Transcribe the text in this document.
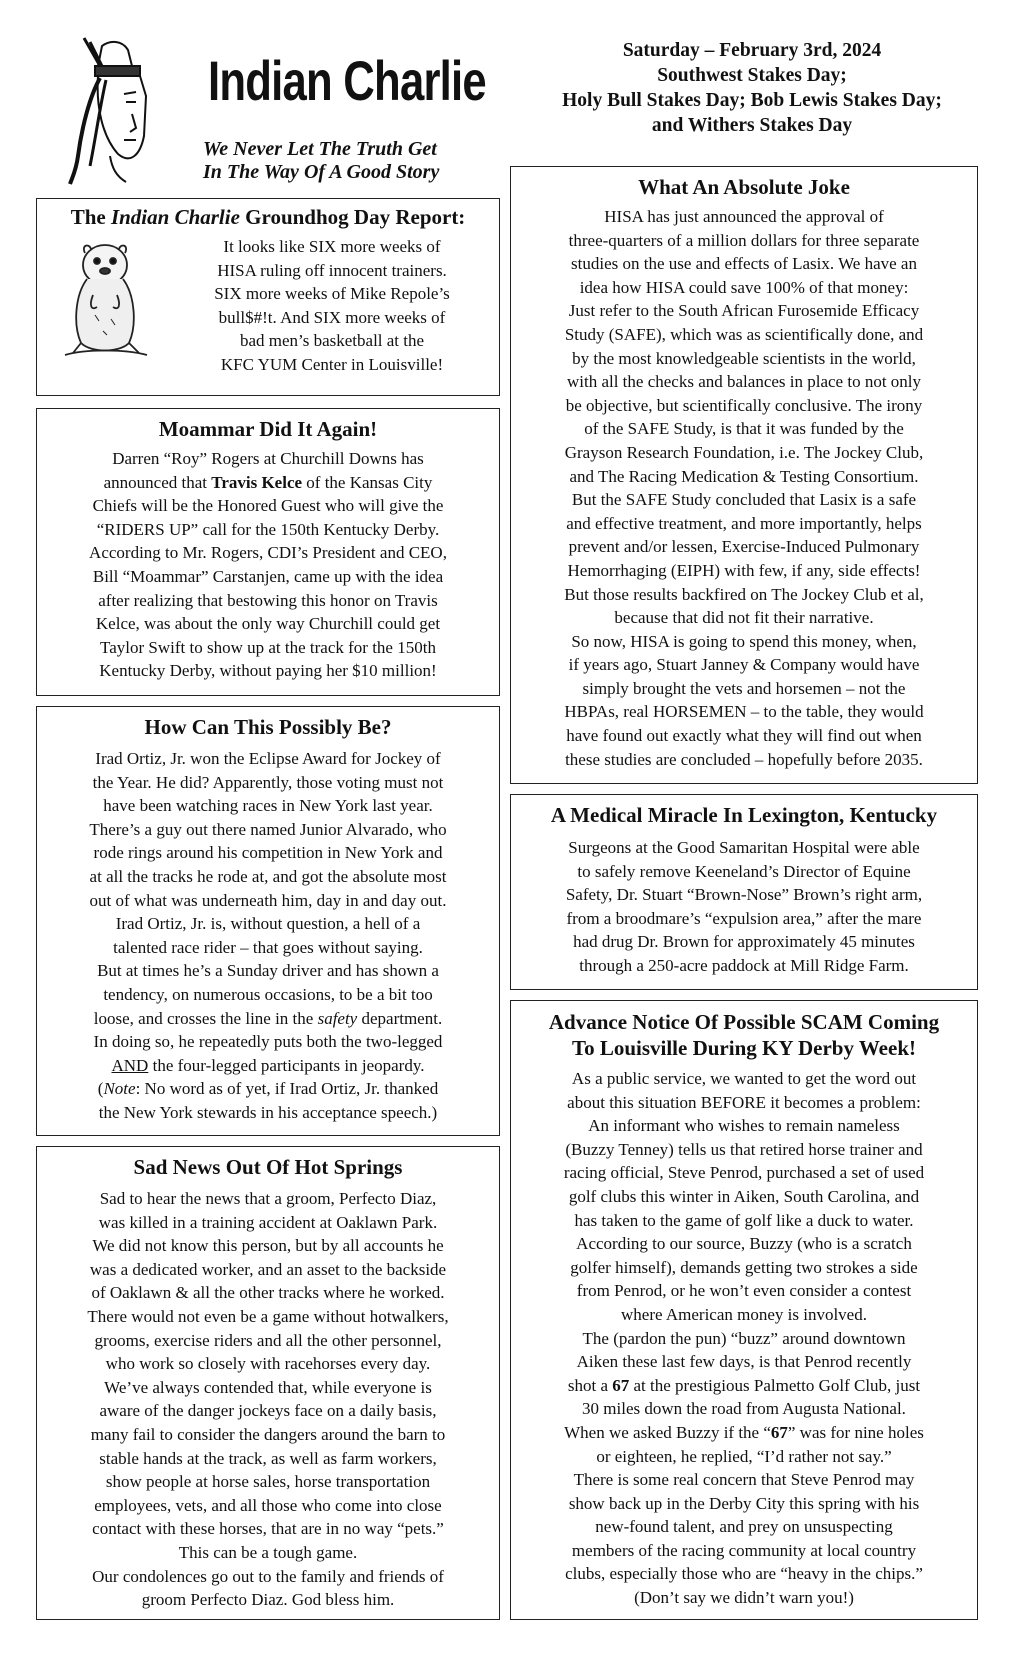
Indian Charlie
We Never Let The Truth Get
In The Way Of A Good Story
Saturday – February 3rd, 2024
Southwest Stakes Day;
Holy Bull Stakes Day; Bob Lewis Stakes Day;
and Withers Stakes Day
The Indian Charlie Groundhog Day Report:

It looks like SIX more weeks of

HISA ruling off innocent trainers.

SIX more weeks of Mike Repole’s

bull$#!t. And SIX more weeks of

bad men’s basketball at the

KFC YUM Center in Louisville!

Moammar Did It Again!

Darren “Roy” Rogers at Churchill Downs has

announced that Travis Kelce of the Kansas City

Chiefs will be the Honored Guest who will give the

“RIDERS UP” call for the 150th Kentucky Derby.

According to Mr. Rogers, CDI’s President and CEO,

Bill “Moammar” Carstanjen, came up with the idea

after realizing that bestowing this honor on Travis

Kelce, was about the only way Churchill could get

Taylor Swift to show up at the track for the 150th

Kentucky Derby, without paying her $10 million!

How Can This Possibly Be?

Irad Ortiz, Jr. won the Eclipse Award for Jockey of

the Year. He did? Apparently, those voting must not

have been watching races in New York last year.

There’s a guy out there named Junior Alvarado, who

rode rings around his competition in New York and

at all the tracks he rode at, and got the absolute most

out of what was underneath him, day in and day out.

Irad Ortiz, Jr. is, without question, a hell of a

talented race rider – that goes without saying.

But at times he’s a Sunday driver and has shown a

tendency, on numerous occasions, to be a bit too

loose, and crosses the line in the safety department.

In doing so, he repeatedly puts both the two-legged

AND the four-legged participants in jeopardy.

(Note: No word as of yet, if Irad Ortiz, Jr. thanked

the New York stewards in his acceptance speech.)

Sad News Out Of Hot Springs

Sad to hear the news that a groom, Perfecto Diaz,

was killed in a training accident at Oaklawn Park.

We did not know this person, but by all accounts he

was a dedicated worker, and an asset to the backside

of Oaklawn & all the other tracks where he worked.

There would not even be a game without hotwalkers,

grooms, exercise riders and all the other personnel,

who work so closely with racehorses every day.

We’ve always contended that, while everyone is

aware of the danger jockeys face on a daily basis,

many fail to consider the dangers around the barn to

stable hands at the track, as well as farm workers,

show people at horse sales, horse transportation

employees, vets, and all those who come into close

contact with these horses, that are in no way “pets.”

This can be a tough game.

Our condolences go out to the family and friends of

groom Perfecto Diaz. God bless him.

What An Absolute Joke

HISA has just announced the approval of

three-quarters of a million dollars for three separate

studies on the use and effects of Lasix. We have an

idea how HISA could save 100% of that money:

Just refer to the South African Furosemide Efficacy

Study (SAFE), which was as scientifically done, and

by the most knowledgeable scientists in the world,

with all the checks and balances in place to not only

be objective, but scientifically conclusive. The irony

of the SAFE Study, is that it was funded by the

Grayson Research Foundation, i.e. The Jockey Club,

and The Racing Medication & Testing Consortium.

But the SAFE Study concluded that Lasix is a safe

and effective treatment, and more importantly, helps

prevent and/or lessen, Exercise-Induced Pulmonary

Hemorrhaging (EIPH) with few, if any, side effects!

But those results backfired on The Jockey Club et al,

because that did not fit their narrative.

So now, HISA is going to spend this money, when,

if years ago, Stuart Janney & Company would have

simply brought the vets and horsemen – not the

HBPAs, real HORSEMEN – to the table, they would

have found out exactly what they will find out when

these studies are concluded – hopefully before 2035.

A Medical Miracle In Lexington, Kentucky

Surgeons at the Good Samaritan Hospital were able

to safely remove Keeneland’s Director of Equine

Safety, Dr. Stuart “Brown-Nose” Brown’s right arm,

from a broodmare’s “expulsion area,” after the mare

had drug Dr. Brown for approximately 45 minutes

through a 250-acre paddock at Mill Ridge Farm.

Advance Notice Of Possible SCAM Coming
To Louisville During KY Derby Week!

As a public service, we wanted to get the word out

about this situation BEFORE it becomes a problem:

An informant who wishes to remain nameless

(Buzzy Tenney) tells us that retired horse trainer and

racing official, Steve Penrod, purchased a set of used

golf clubs this winter in Aiken, South Carolina, and

has taken to the game of golf like a duck to water.

According to our source, Buzzy (who is a scratch

golfer himself), demands getting two strokes a side

from Penrod, or he won’t even consider a contest

where American money is involved.

The (pardon the pun) “buzz” around downtown

Aiken these last few days, is that Penrod recently

shot a 67 at the prestigious Palmetto Golf Club, just

30 miles down the road from Augusta National.

When we asked Buzzy if the “67” was for nine holes

or eighteen, he replied, “I’d rather not say.”

There is some real concern that Steve Penrod may

show back up in the Derby City this spring with his

new-found talent, and prey on unsuspecting

members of the racing community at local country

clubs, especially those who are “heavy in the chips.”

(Don’t say we didn’t warn you!)
